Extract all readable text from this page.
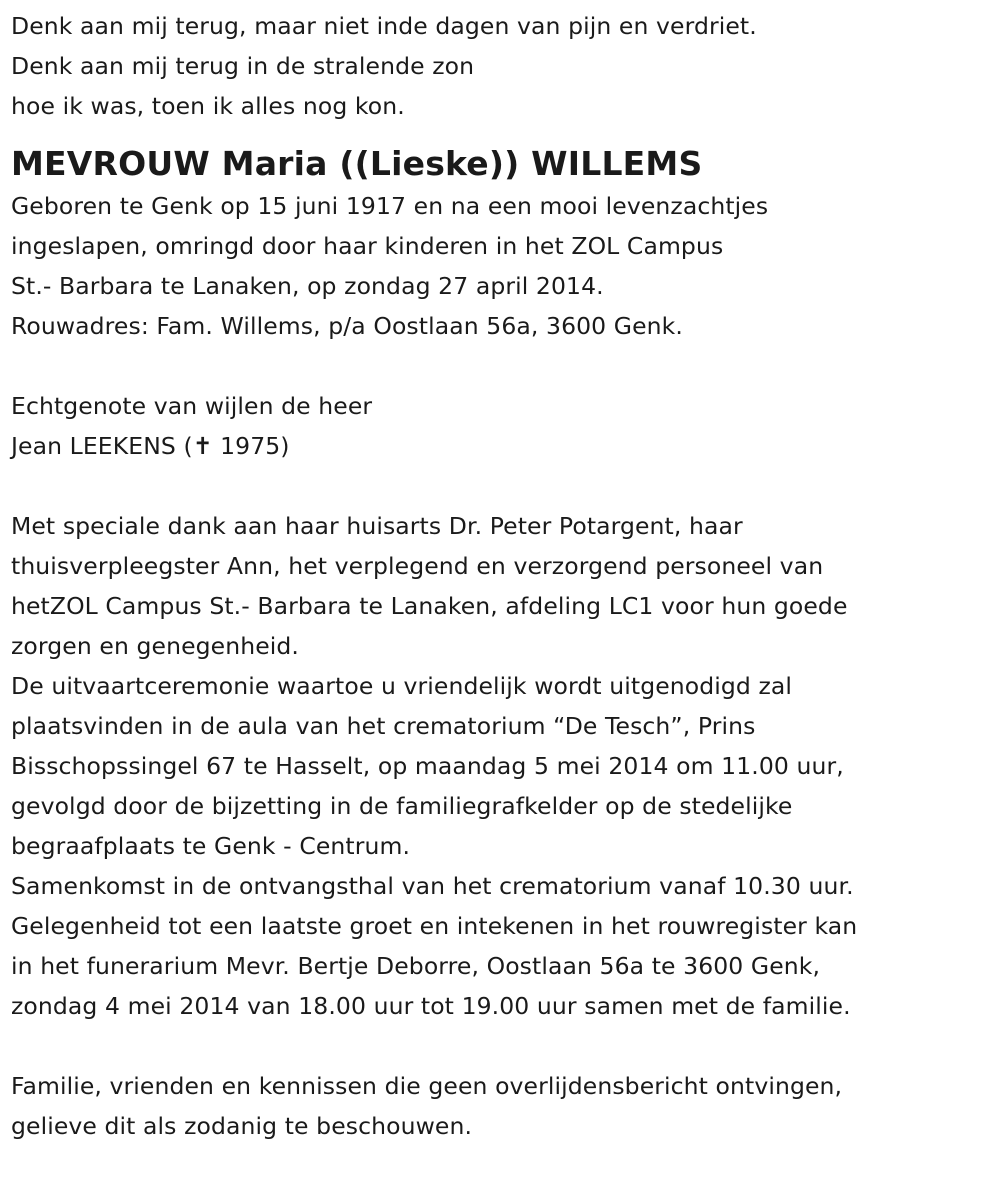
Denk aan mij terug, maar niet inde dagen van pijn en verdriet.
Denk aan mij terug in de stralende zon
hoe ik was, toen ik alles nog kon.
MEVROUW Maria ((Lieske)) WILLEMS
Geboren te Genk op 15 juni 1917 en na een mooi levenzachtjes
ingeslapen, omringd door haar kinderen in het ZOL Campus
St.- Barbara te Lanaken, op zondag 27 april 2014.
Rouwadres: Fam. Willems, p/a Oostlaan 56a, 3600 Genk.
Echtgenote van wijlen de heer
Jean LEEKENS (✝ 1975)
Met speciale dank aan haar huisarts Dr. Peter Potargent, haar
thuisverpleegster Ann, het verplegend en verzorgend personeel van
hetZOL Campus St.- Barbara te Lanaken, afdeling LC1 voor hun goede
zorgen en genegenheid.
De uitvaartceremonie waartoe u vriendelijk wordt uitgenodigd zal
plaatsvinden in de aula van het crematorium “De Tesch”, Prins
Bisschopssingel 67 te Hasselt, op maandag 5 mei 2014 om 11.00 uur,
gevolgd door de bijzetting in de familiegrafkelder op de stedelijke
begraafplaats te Genk - Centrum.
Samenkomst in de ontvangsthal van het crematorium vanaf 10.30 uur.
Gelegenheid tot een laatste groet en intekenen in het rouwregister kan
in het funerarium Mevr. Bertje Deborre, Oostlaan 56a te 3600 Genk,
zondag 4 mei 2014 van 18.00 uur tot 19.00 uur samen met de familie.
Familie, vrienden en kennissen die geen overlijdensbericht ontvingen,
gelieve dit als zodanig te beschouwen.
